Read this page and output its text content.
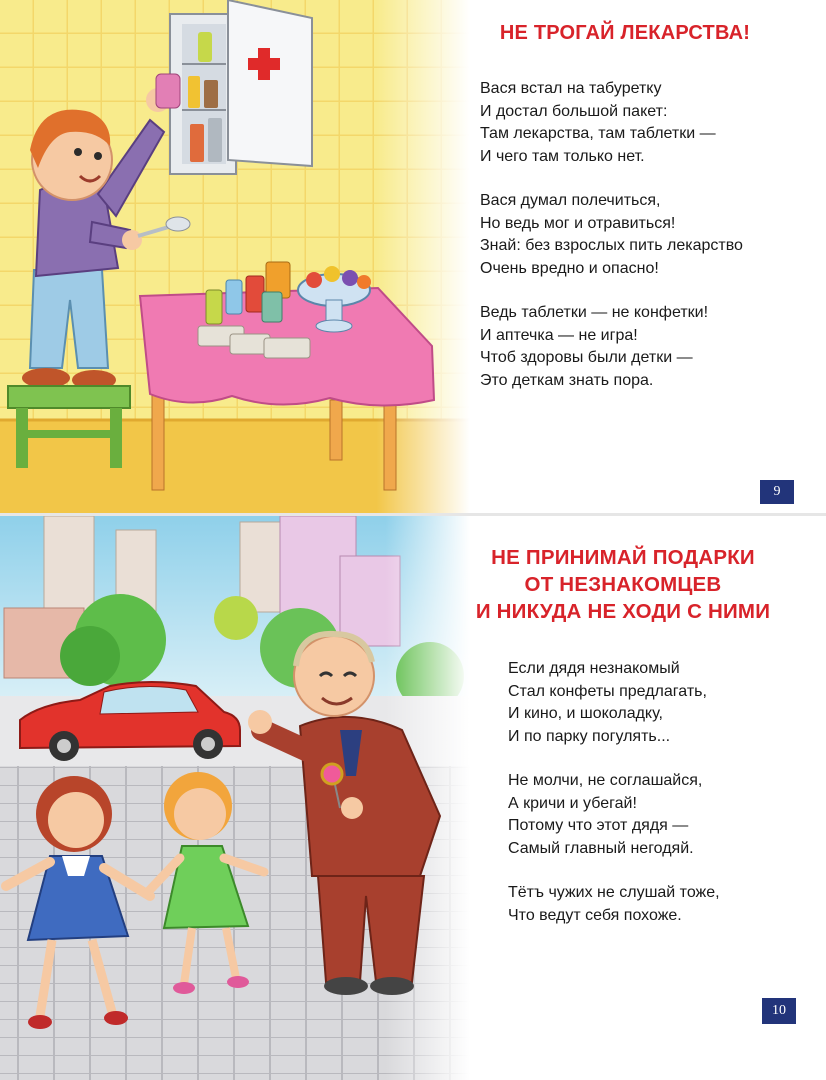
НЕ ТРОГАЙ ЛЕКАРСТВА!
Вася встал на табуретку
И достал большой пакет:
Там лекарства, там таблетки —
И чего там только нет.
Вася думал полечиться,
Но ведь мог и отравиться!
Знай: без взрослых пить лекарство
Очень вредно и опасно!
Ведь таблетки — не конфетки!
И аптечка — не игра!
Чтоб здоровы были детки —
Это деткам знать пора.
9
НЕ ПРИНИМАЙ ПОДАРКИ
ОТ НЕЗНАКОМЦЕВ
И НИКУДА НЕ ХОДИ С НИМИ
Если дядя незнакомый
Стал конфеты предлагать,
И кино, и шоколадку,
И по парку погулять...
Не молчи, не соглашайся,
А кричи и убегай!
Потому что этот дядя —
Самый главный негодяй.
Тётъ чужих не слушай тоже,
Что ведут себя похоже.
10
